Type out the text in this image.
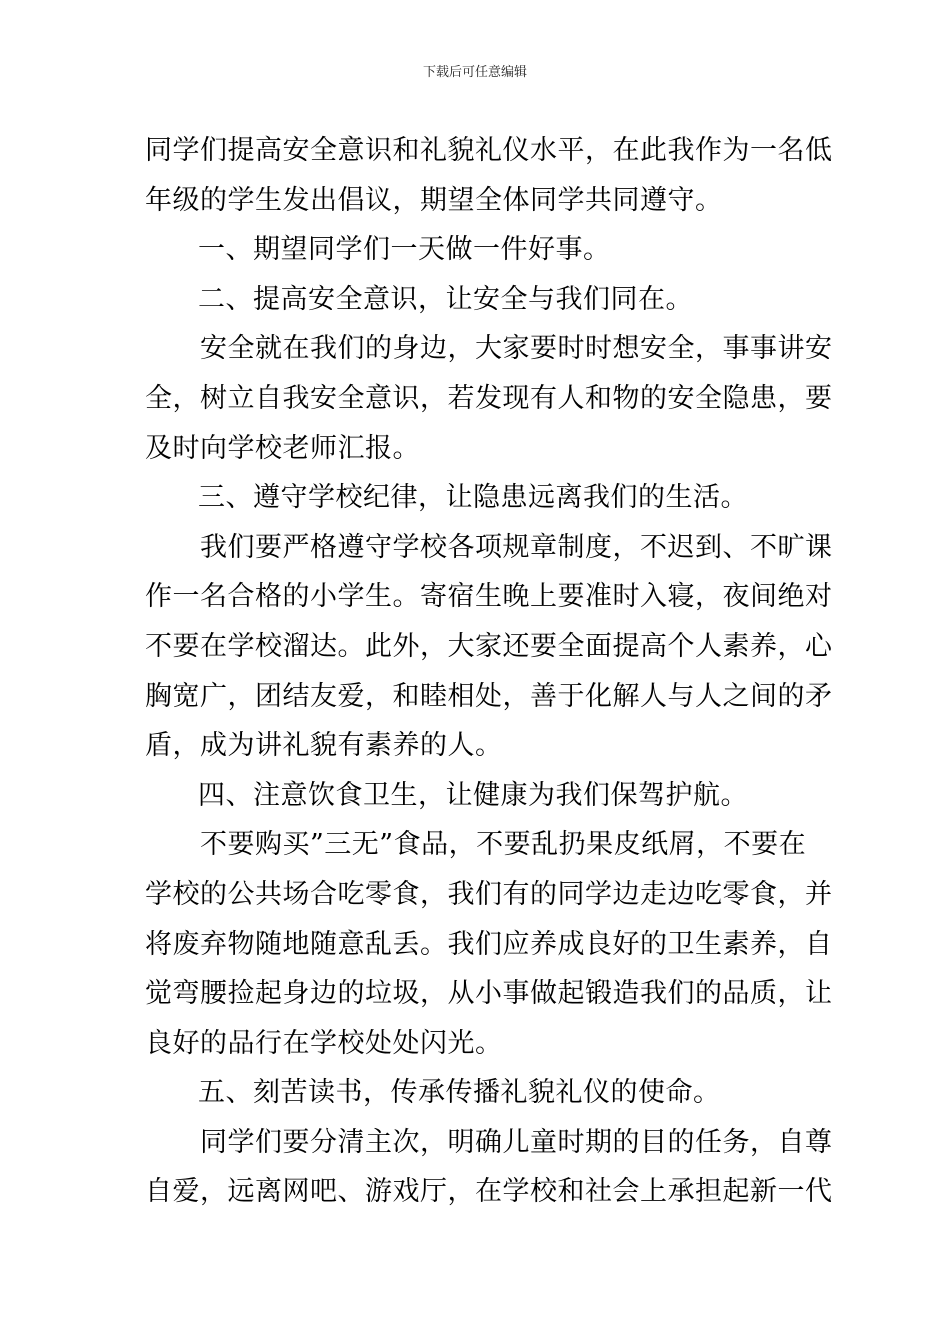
下载后可任意编辑
同学们提高安全意识和礼貌礼仪水平，在此我作为一名低
年级的学生发出倡议，期望全体同学共同遵守。
一、期望同学们一天做一件好事。
二、提高安全意识，让安全与我们同在。
安全就在我们的身边，大家要时时想安全，事事讲安
全，树立自我安全意识，若发现有人和物的安全隐患，要
及时向学校老师汇报。
三、遵守学校纪律，让隐患远离我们的生活。
我们要严格遵守学校各项规章制度，不迟到、不旷课
作一名合格的小学生。寄宿生晚上要准时入寝，夜间绝对
不要在学校溜达。此外，大家还要全面提高个人素养，心
胸宽广，团结友爱，和睦相处，善于化解人与人之间的矛
盾，成为讲礼貌有素养的人。
四、注意饮食卫生，让健康为我们保驾护航。
不要购买”三无”食品，不要乱扔果皮纸屑，不要在
学校的公共场合吃零食，我们有的同学边走边吃零食，并
将废弃物随地随意乱丢。我们应养成良好的卫生素养，自
觉弯腰捡起身边的垃圾，从小事做起锻造我们的品质，让
良好的品行在学校处处闪光。
五、刻苦读书，传承传播礼貌礼仪的使命。
同学们要分清主次，明确儿童时期的目的任务，自尊
自爱，远离网吧、游戏厅，在学校和社会上承担起新一代
